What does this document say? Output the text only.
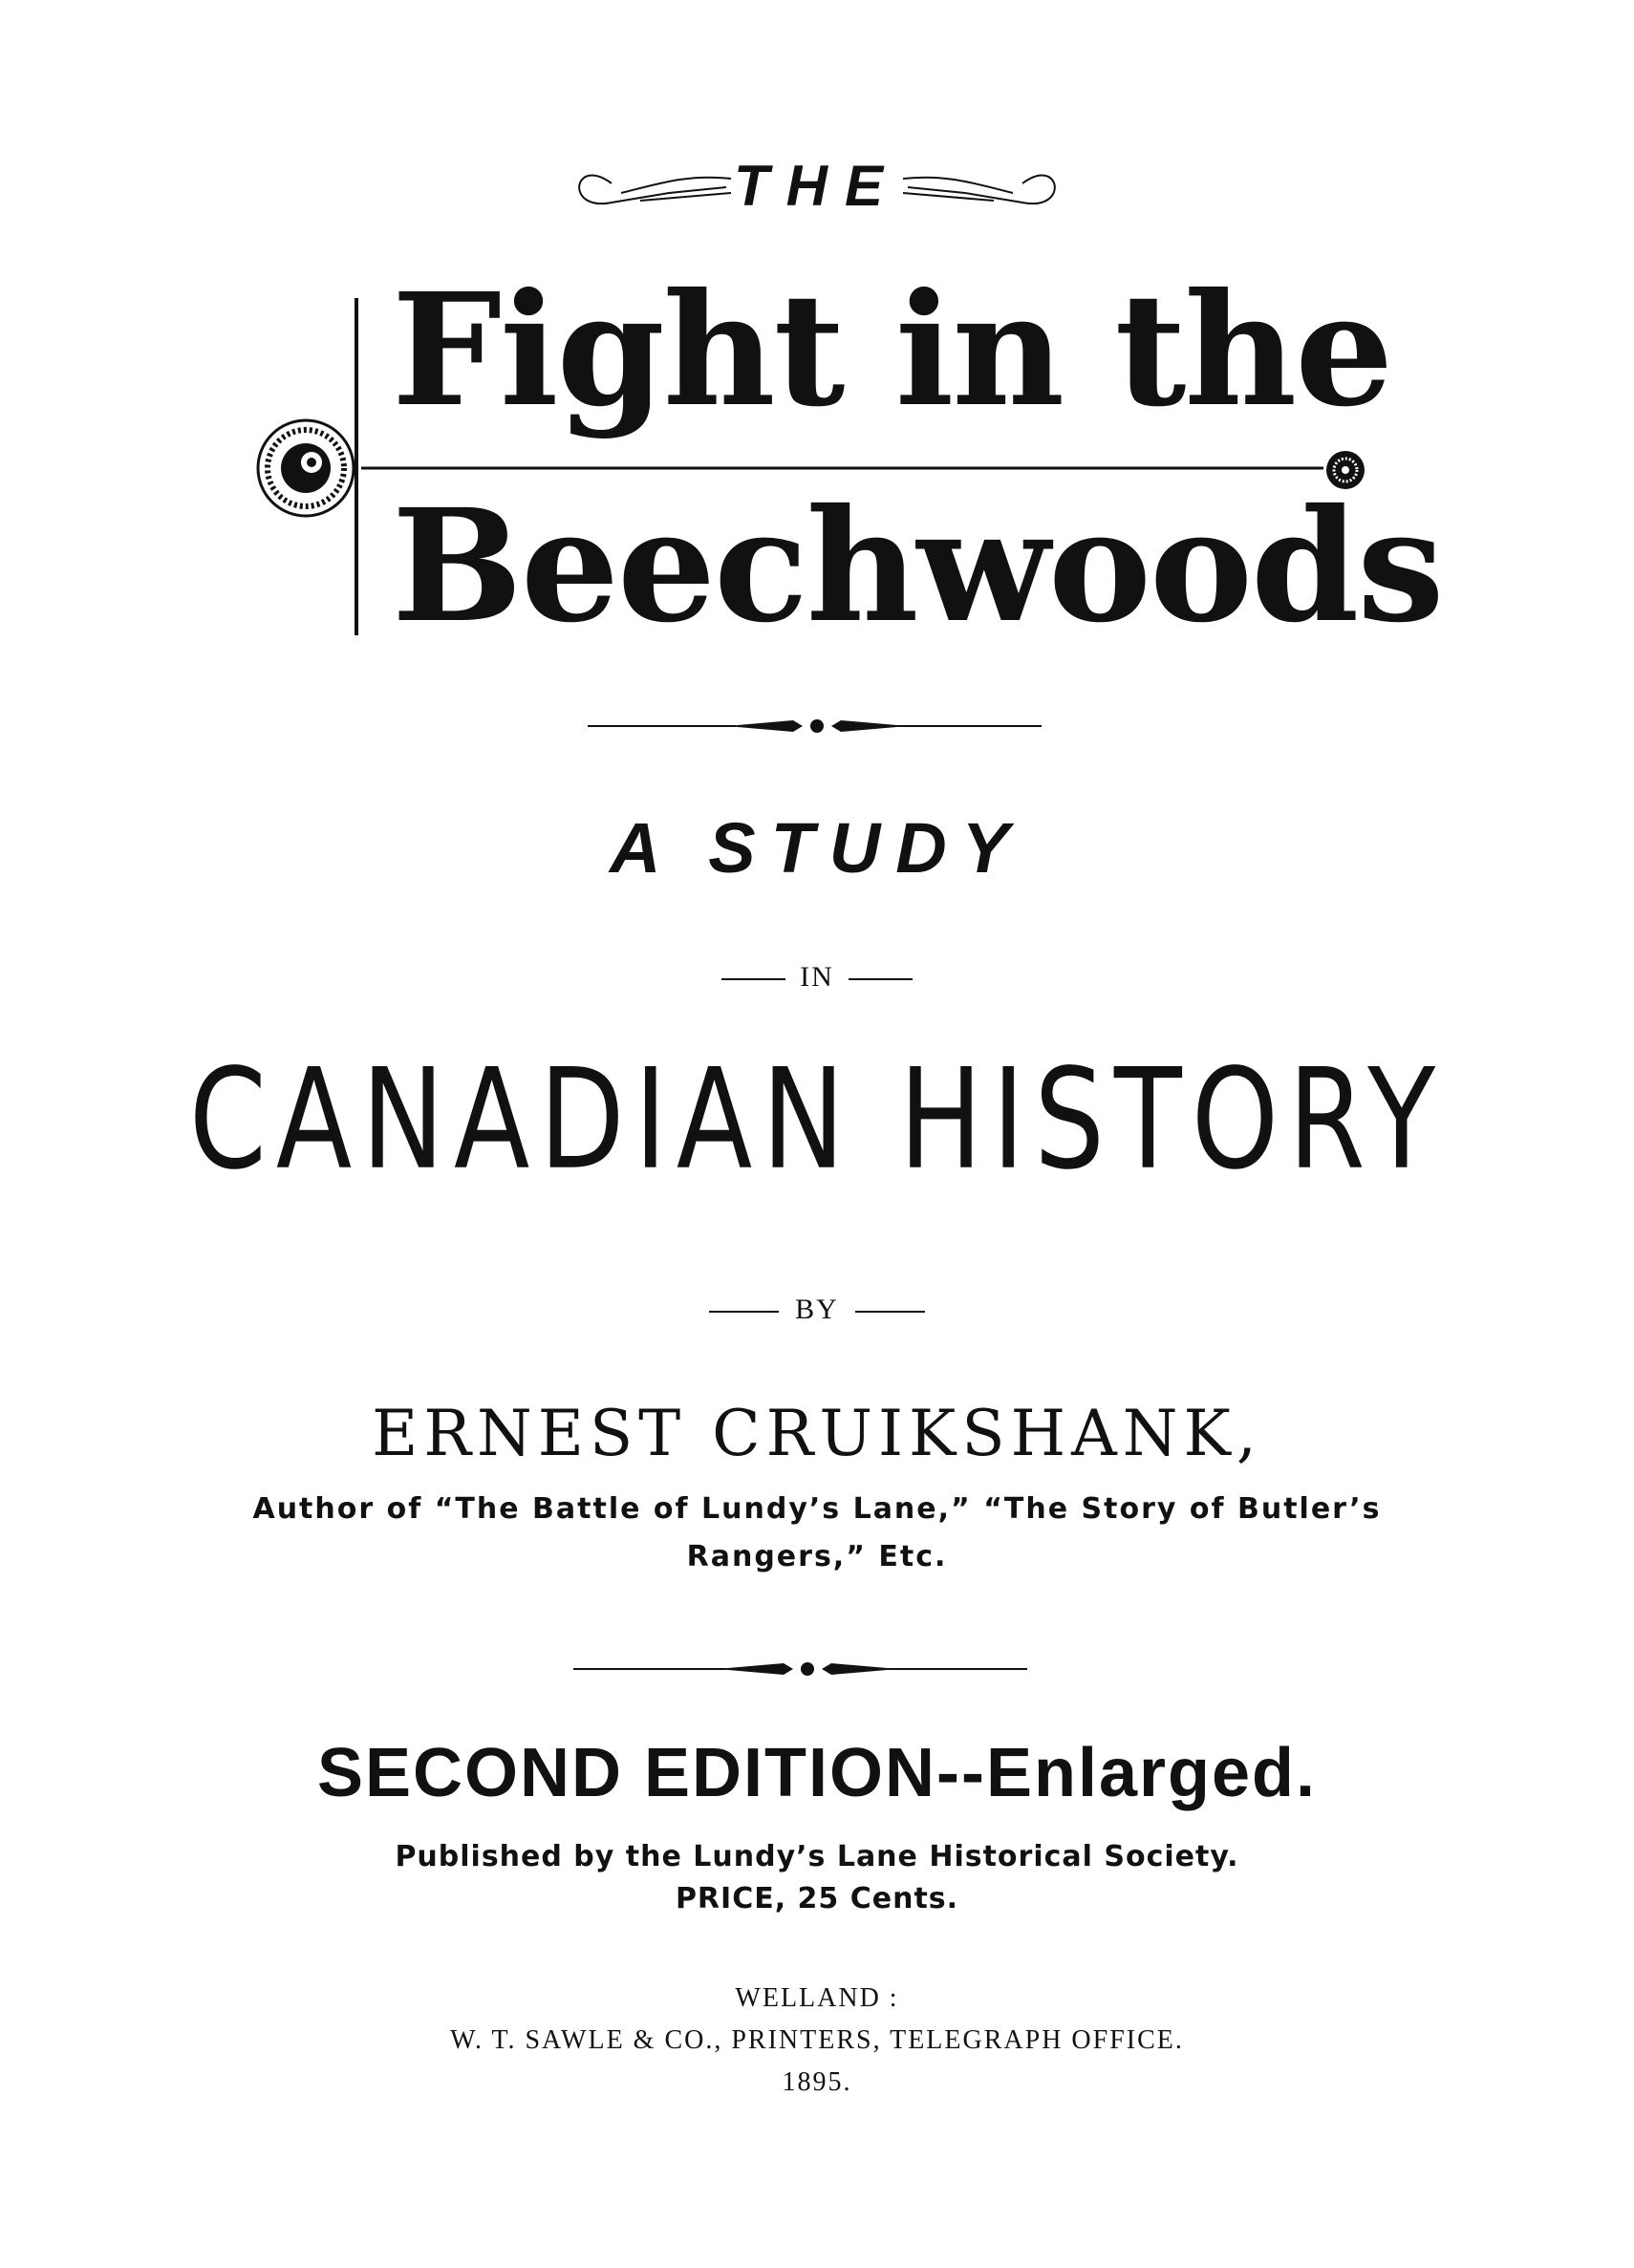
THE
Fight in the
Beechwoods
A STUDY
IN
CANADIAN HISTORY
BY
ERNEST CRUIKSHANK,
Author of “The Battle of Lundy’s Lane,” “The Story of Butler’s
Rangers,” Etc.
SECOND EDITION--Enlarged.
Published by the Lundy’s Lane Historical Society.
PRICE, 25 Cents.
WELLAND :
W. T. SAWLE & CO., PRINTERS, TELEGRAPH OFFICE.
1895.
